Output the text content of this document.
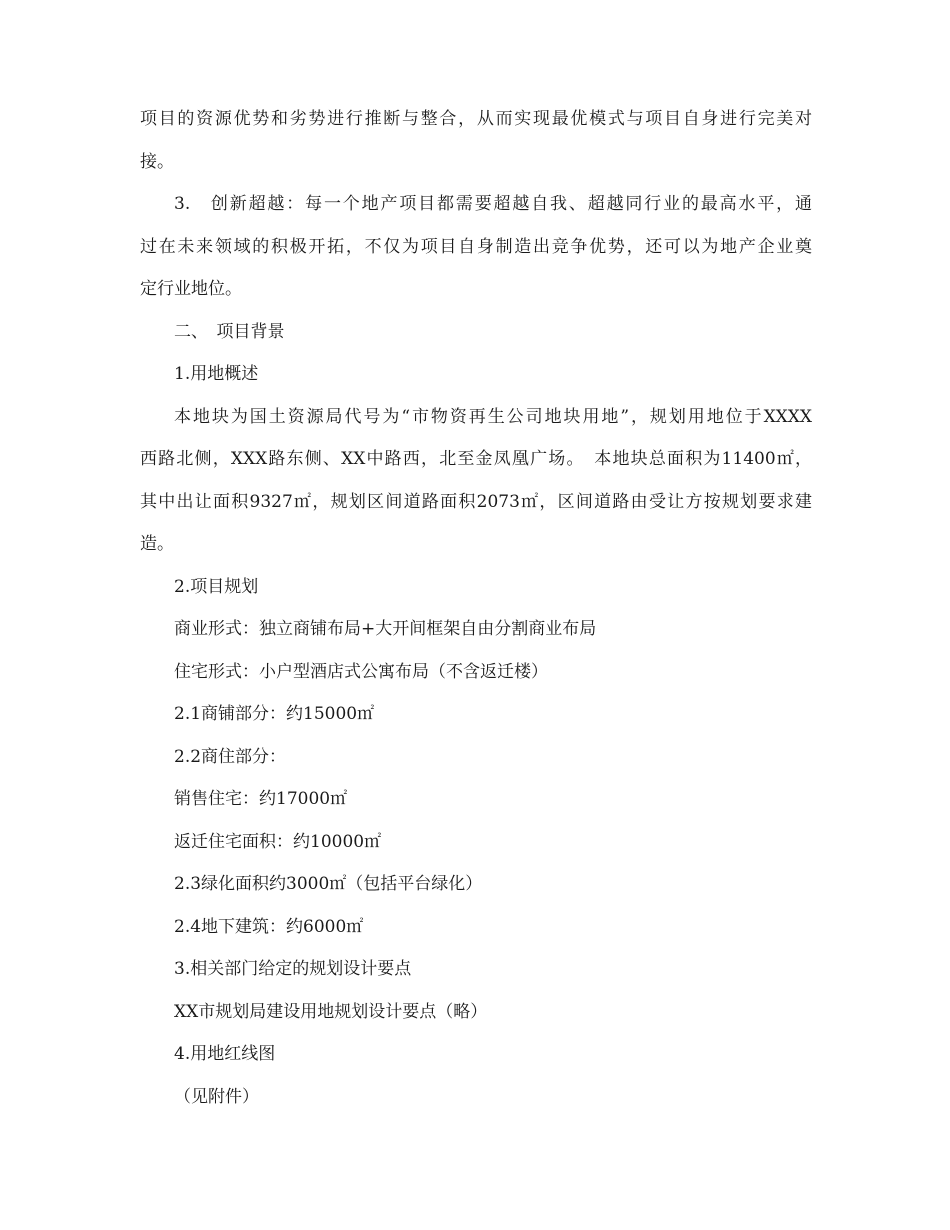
项目的资源优势和劣势进行推断与整合，从而实现最优模式与项目自身进行完美对

接。

3.　创新超越：每一个地产项目都需要超越自我、超越同行业的最高水平，通

过在未来领域的积极开拓，不仅为项目自身制造出竞争优势，还可以为地产企业奠

定行业地位。

二、　项目背景

1.用地概述

本地块为国土资源局代号为“市物资再生公司地块用地”，规划用地位于XXXX

西路北侧，XXX路东侧、XX中路西，北至金凤凰广场。　本地块总面积为11400㎡，

其中出让面积9327㎡，规划区间道路面积2073㎡，区间道路由受让方按规划要求建

造。

2.项目规划

商业形式：独立商铺布局+大开间框架自由分割商业布局

住宅形式：小户型酒店式公寓布局（不含返迁楼）

2.1商铺部分：约15000㎡

2.2商住部分：

销售住宅：约17000㎡

返迁住宅面积：约10000㎡

2.3绿化面积约3000㎡（包括平台绿化）

2.4地下建筑：约6000㎡

3.相关部门给定的规划设计要点

XX市规划局建设用地规划设计要点（略）

4.用地红线图

（见附件）
